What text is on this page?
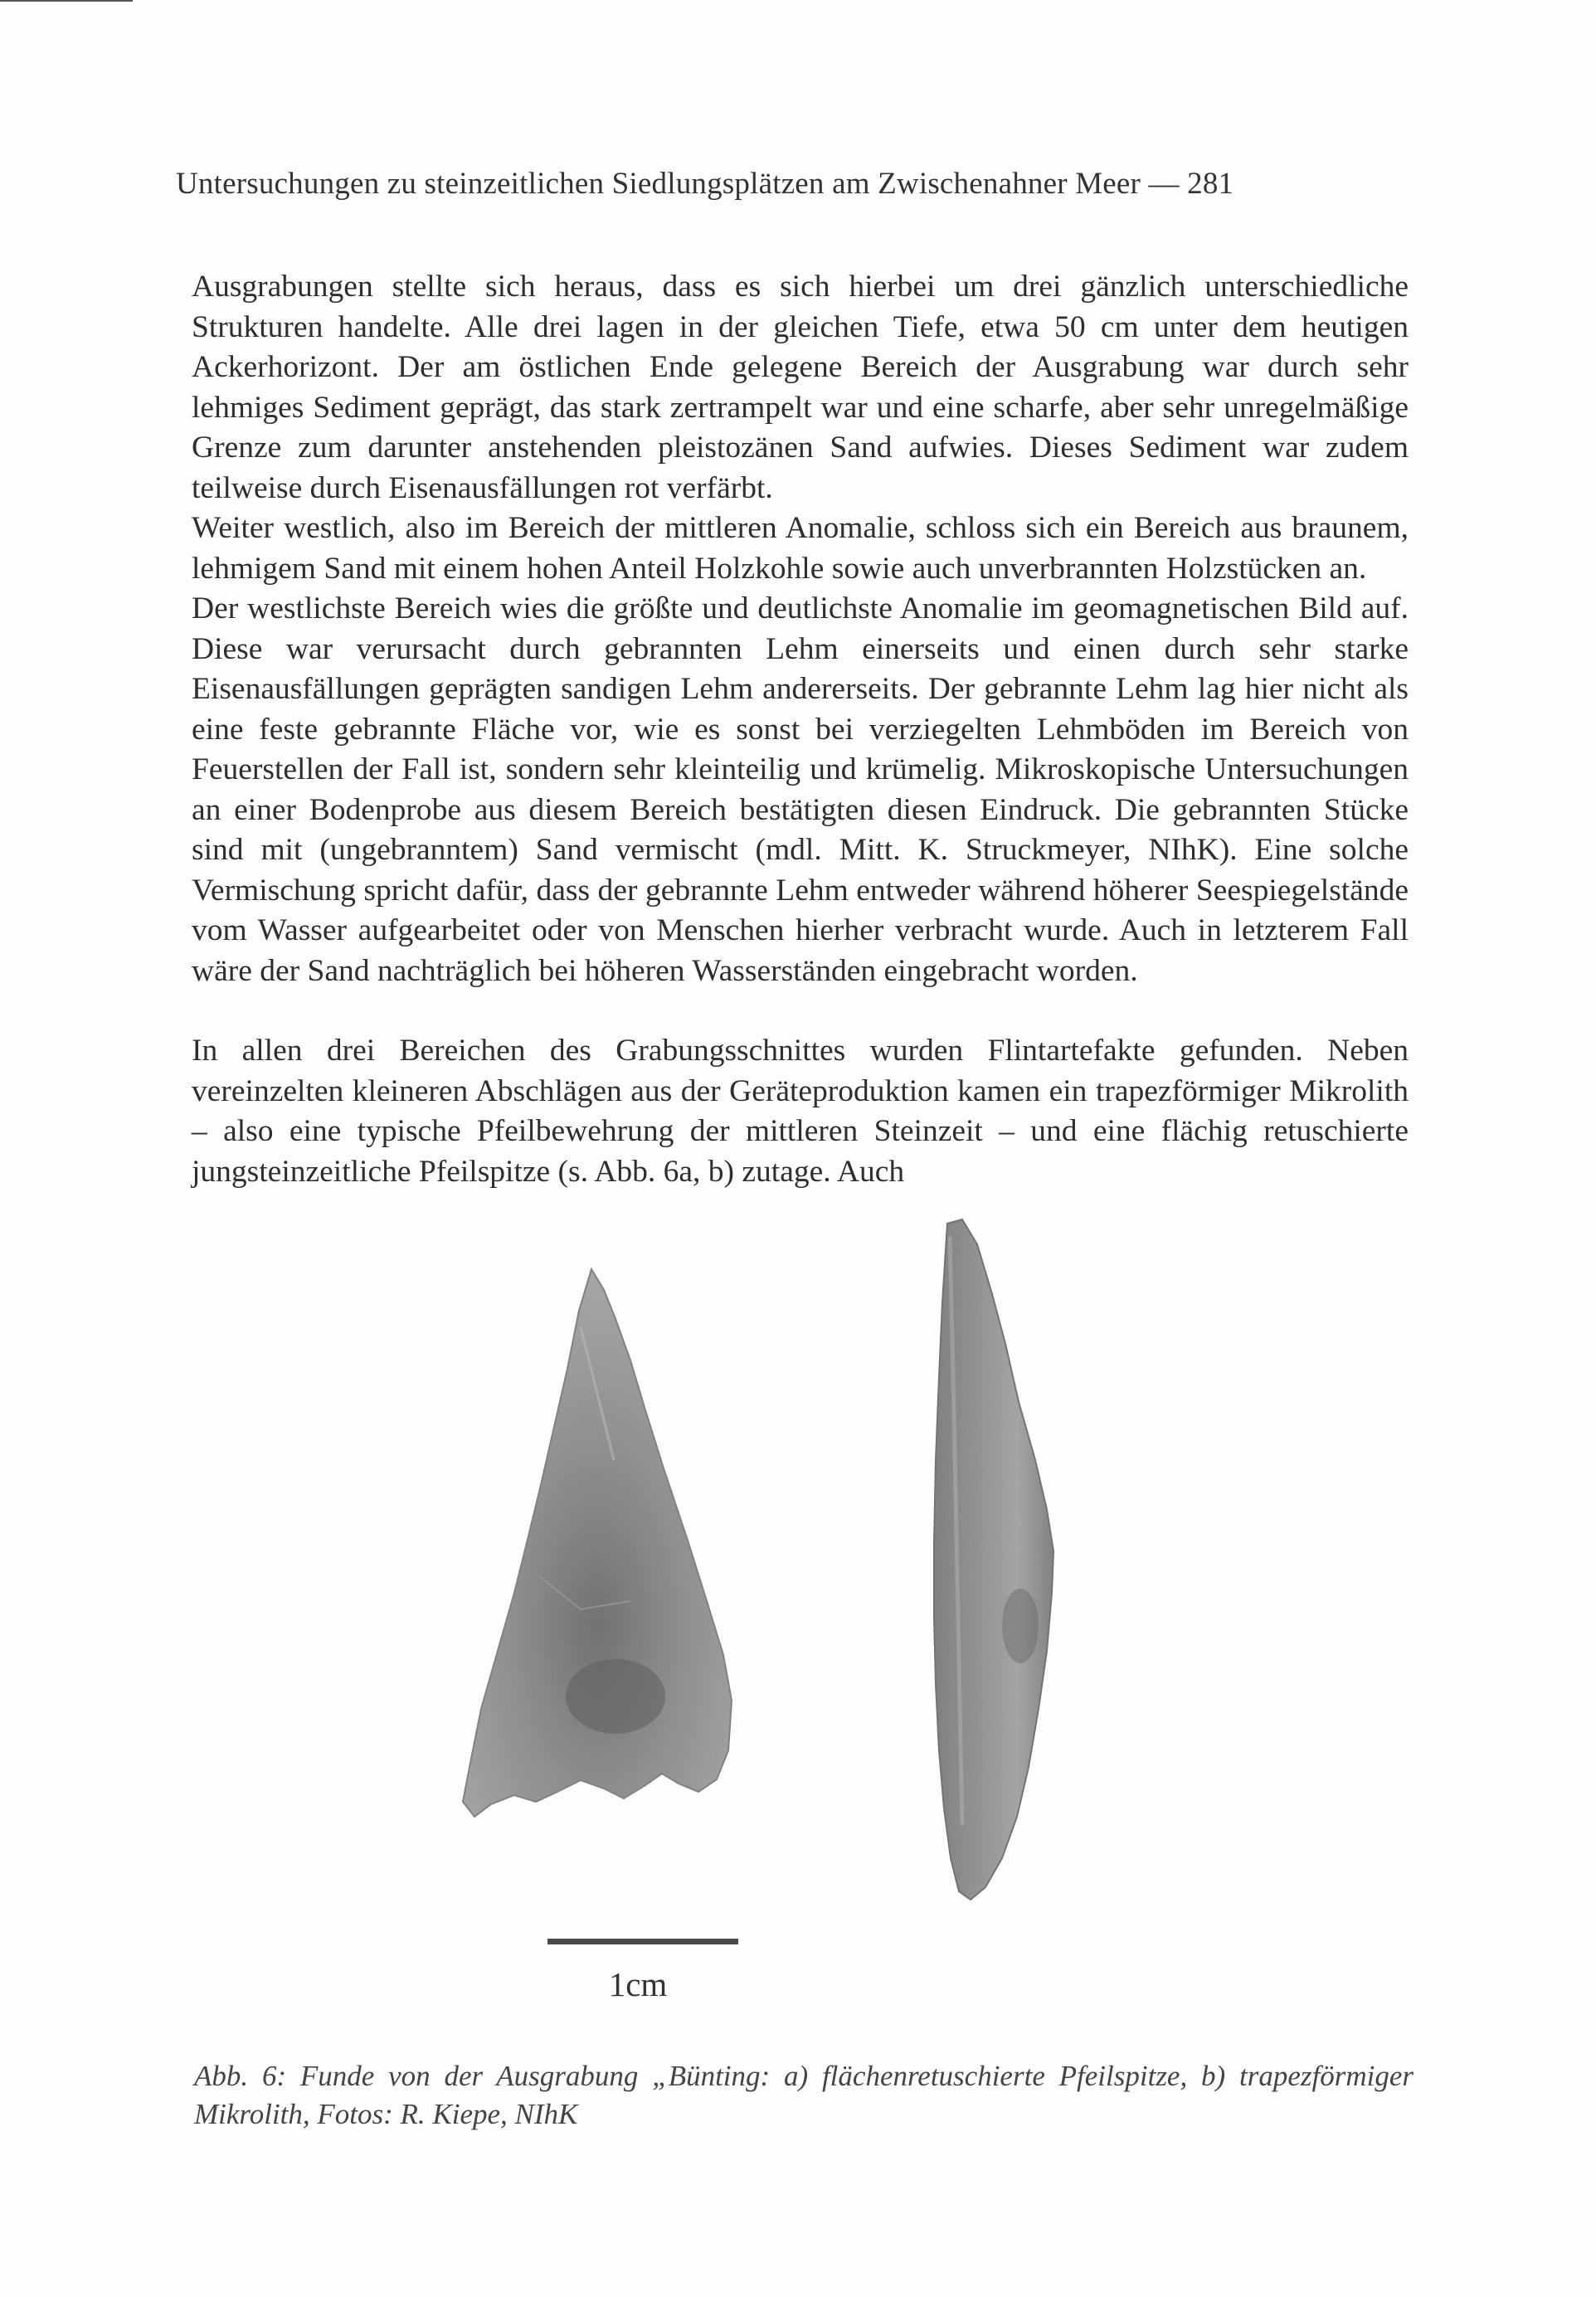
Untersuchungen zu steinzeitlichen Siedlungsplätzen am Zwischenahner Meer — 281

Ausgrabungen stellte sich heraus, dass es sich hierbei um drei gänzlich unterschiedliche Strukturen handelte. Alle drei lagen in der gleichen Tiefe, etwa 50 cm unter dem heutigen Ackerhorizont. Der am östlichen Ende gelegene Bereich der Ausgrabung war durch sehr lehmiges Sediment geprägt, das stark zertrampelt war und eine scharfe, aber sehr unregelmäßige Grenze zum darunter anstehenden pleistozänen Sand aufwies. Dieses Sediment war zudem teilweise durch Eisenausfällungen rot verfärbt.

Weiter westlich, also im Bereich der mittleren Anomalie, schloss sich ein Bereich aus braunem, lehmigem Sand mit einem hohen Anteil Holzkohle sowie auch unverbrannten Holzstücken an.

Der westlichste Bereich wies die größte und deutlichste Anomalie im geomagnetischen Bild auf. Diese war verursacht durch gebrannten Lehm einerseits und einen durch sehr starke Eisenausfällungen geprägten sandigen Lehm andererseits. Der gebrannte Lehm lag hier nicht als eine feste gebrannte Fläche vor, wie es sonst bei verziegelten Lehmböden im Bereich von Feuerstellen der Fall ist, sondern sehr kleinteilig und krümelig. Mikroskopische Untersuchungen an einer Bodenprobe aus diesem Bereich bestätigten diesen Eindruck. Die gebrannten Stücke sind mit (ungebranntem) Sand vermischt (mdl. Mitt. K. Struckmeyer, NIhK). Eine solche Vermischung spricht dafür, dass der gebrannte Lehm entweder während höherer Seespiegelstände vom Wasser aufgearbeitet oder von Menschen hierher verbracht wurde. Auch in letzterem Fall wäre der Sand nachträglich bei höheren Wasserständen eingebracht worden.

In allen drei Bereichen des Grabungsschnittes wurden Flintartefakte gefunden. Neben vereinzelten kleineren Abschlägen aus der Geräteproduktion kamen ein trapezförmiger Mikrolith – also eine typische Pfeilbewehrung der mittleren Steinzeit – und eine flächig retuschierte jungsteinzeitliche Pfeilspitze (s. Abb. 6a, b) zutage. Auch

1cm
Abb. 6: Funde von der Ausgrabung „Bünting: a) flächenretuschierte Pfeilspitze, b) trapezförmiger Mikrolith, Fotos: R. Kiepe, NIhK
